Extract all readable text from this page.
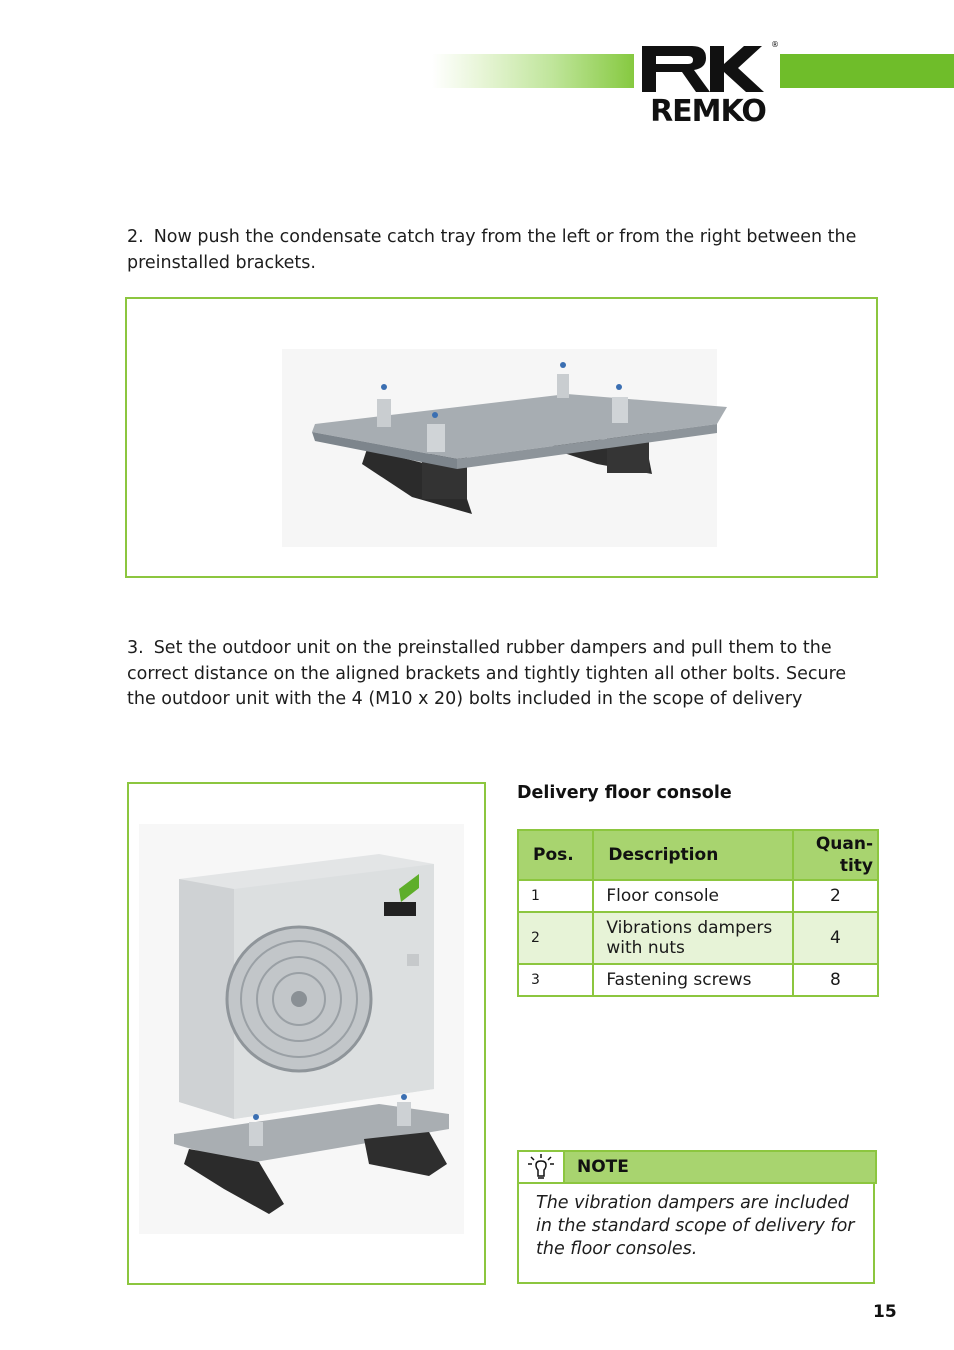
®
REMKO
2. Now push the condensate catch tray from the left or from the right between the preinstalled brackets.
3. Set the outdoor unit on the preinstalled rubber dampers and pull them to the correct distance on the aligned brackets and tightly tighten all other bolts. Secure the outdoor unit with the 4 (M10 x 20) bolts included in the scope of delivery
Delivery floor console
Pos.	Description	Quan-
tity
1	Floor console	2
2	Vibrations dampers
with nuts	4
3	Fastening screws	8
NOTE
The vibration dampers are included
in the standard scope of delivery for
the floor consoles.
15
